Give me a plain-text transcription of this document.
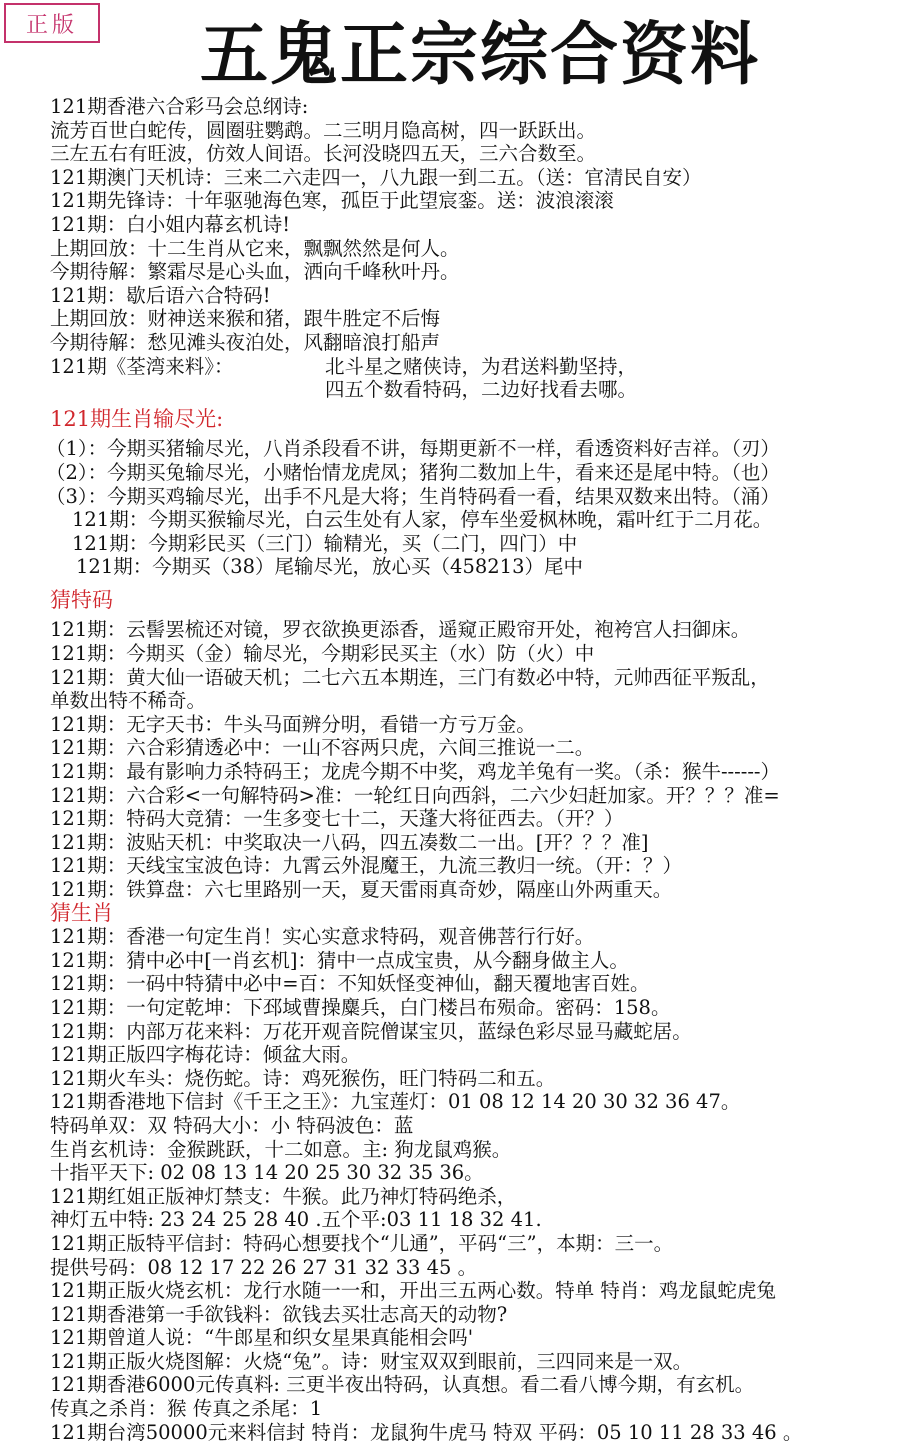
正版	五鬼正宗综合资料
121期香港六合彩马会总纲诗:
流芳百世白蛇传，圆圈驻鹦鹉。二三明月隐高树，四一跃跃出。
三左五右有旺波，仿效人间语。长河没晓四五天，三六合数至。
121期澳门天机诗：三来二六走四一，八九跟一到二五。（送：官清民自安）
121期先锋诗：十年驱驰海色寒，孤臣于此望宸銮。送：波浪滚滚
121期：白小姐内幕玄机诗!
上期回放：十二生肖从它来，飘飘然然是何人。
今期待解：繁霜尽是心头血，洒向千峰秋叶丹。
121期：歇后语六合特码!
上期回放：财神送来猴和猪，跟牛胜定不后悔
今期待解：愁见滩头夜泊处，风翻暗浪打船声
121期《荃湾来料》：	北斗星之赌侠诗，为君送料勤坚持，
四五个数看特码，二边好找看去哪。
121期生肖输尽光:
（1）：今期买猪输尽光，八肖杀段看不讲，每期更新不一样，看透资料好吉祥。（刃）
（2）：今期买兔输尽光，小赌怡情龙虎凤；猪狗二数加上牛，看来还是尾中特。（也）
（3）：今期买鸡输尽光，出手不凡是大将；生肖特码看一看，结果双数来出特。（涌）
121期：今期买猴输尽光，白云生处有人家，停车坐爱枫林晚，霜叶红于二月花。
121期：今期彩民买（三门）输精光，买（二门，四门）中
121期：今期买（38）尾输尽光，放心买（458213）尾中
猜特码
121期：云髻罢梳还对镜，罗衣欲换更添香，遥窥正殿帘开处，袍袴宫人扫御床。
121期：今期买（金）输尽光，今期彩民买主（水）防（火）中
121期：黄大仙一语破天机；二七六五本期连，三门有数必中特，元帅西征平叛乱，
单数出特不稀奇。
121期：无字天书：牛头马面辨分明，看错一方亏万金。
121期：六合彩猜透必中：一山不容两只虎，六间三推说一二。
121期：最有影响力杀特码王；龙虎今期不中奖，鸡龙羊兔有一奖。（杀：猴牛------）
121期：六合彩<一句解特码>准：一轮红日向西斜，二六少妇赶加家。开？？？准=
121期：特码大竞猜：一生多变七十二，天蓬大将征西去。（开？）
121期：波贴天机：中奖取决一八码，四五凑数二一出。[开？？？准]
121期：天线宝宝波色诗：九霄云外混魔王，九流三教归一统。（开：？）
121期：铁算盘：六七里路别一天，夏天雷雨真奇妙，隔座山外两重天。
猜生肖
121期：香港一句定生肖！实心实意求特码，观音佛菩行行好。
121期：猜中必中[一肖玄机]：猜中一点成宝贵，从今翻身做主人。
121期：一码中特猜中必中=百：不知妖怪变神仙，翻天覆地害百姓。
121期：一句定乾坤：下邳域曹操麋兵，白门楼吕布殒命。密码：158。
121期：内部万花来料：万花开观音院僧谋宝贝，蓝绿色彩尽显马藏蛇居。
121期正版四字梅花诗：倾盆大雨。
121期火车头：烧伤蛇。诗：鸡死猴伤，旺门特码二和五。
121期香港地下信封《千王之王》：九宝莲灯：01 08 12 14 20 30 32 36 47。
特码单双：双 特码大小：小 特码波色：蓝
生肖玄机诗：金猴跳跃，十二如意。主: 狗龙鼠鸡猴。
十指平天下: 02 08 13 14 20 25 30 32 35 36。
121期红姐正版神灯禁支：牛猴。此乃神灯特码绝杀，
神灯五中特: 23 24 25 28 40 .五个平:03 11 18 32 41.
121期正版特平信封：特码心想要找个“儿通”，平码“三”，本期：三一。
提供号码：08 12 17 22 26 27 31 32 33 45 。
121期正版火烧玄机：龙行水随一一和，开出三五两心数。特单 特肖：鸡龙鼠蛇虎兔
121期香港第一手欲钱料：欲钱去买壮志高天的动物?
121期曾道人说：“牛郎星和织女星果真能相会吗'
121期正版火烧图解：火烧“兔”。诗：财宝双双到眼前，三四同来是一双。
121期香港6000元传真料: 三更半夜出特码，认真想。看二看八博今期，有玄机。
传真之杀肖：猴 传真之杀尾：1
121期台湾50000元来料信封 特肖：龙鼠狗牛虎马 特双 平码：05 10 11 28 33 46 。
